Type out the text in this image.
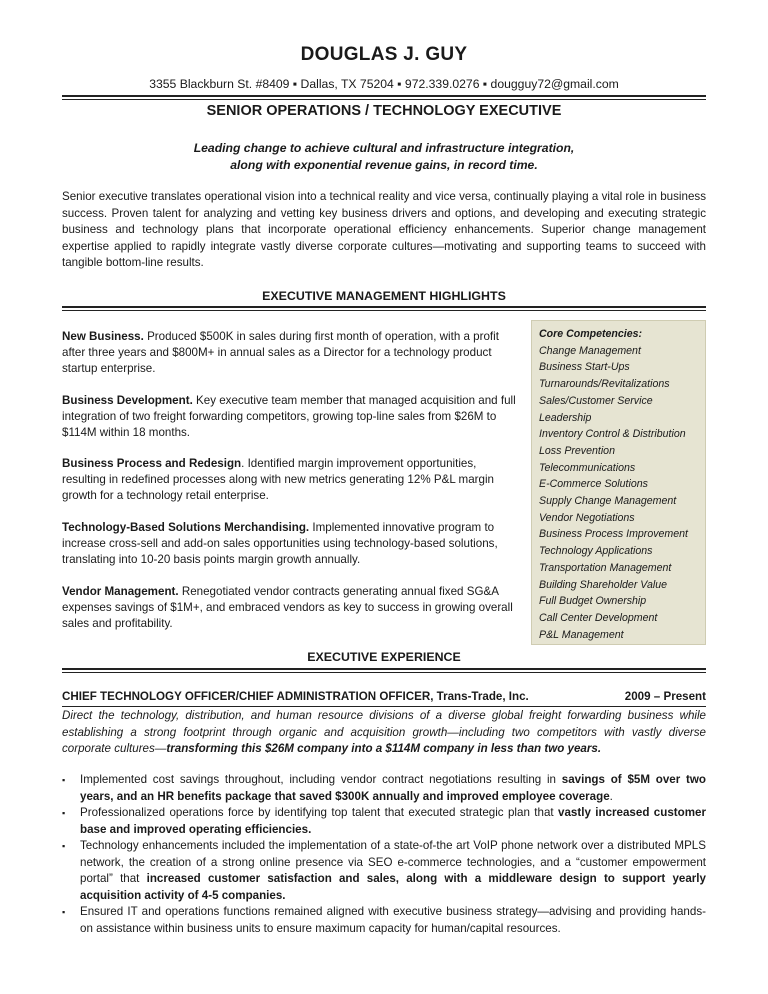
DOUGLAS J. GUY
3355 Blackburn St. #8409 ▪ Dallas, TX 75204 ▪ 972.339.0276 ▪ dougguy72@gmail.com
SENIOR OPERATIONS / TECHNOLOGY EXECUTIVE
Leading change to achieve cultural and infrastructure integration,
along with exponential revenue gains, in record time.
Senior executive translates operational vision into a technical reality and vice versa, continually playing a vital role in business success. Proven talent for analyzing and vetting key business drivers and options, and developing and executing strategic business and technology plans that incorporate operational efficiency enhancements. Superior change management expertise applied to rapidly integrate vastly diverse corporate cultures—motivating and supporting teams to succeed with tangible bottom-line results.
EXECUTIVE MANAGEMENT HIGHLIGHTS
New Business. Produced $500K in sales during first month of operation, with a profit after three years and $800M+ in annual sales as a Director for a technology product startup enterprise.
Business Development. Key executive team member that managed acquisition and full integration of two freight forwarding competitors, growing top-line sales from $26M to $114M within 18 months.
Business Process and Redesign. Identified margin improvement opportunities, resulting in redefined processes along with new metrics generating 12% P&L margin growth for a technology retail enterprise.
Technology-Based Solutions Merchandising. Implemented innovative program to increase cross-sell and add-on sales opportunities using technology-based solutions, translating into 10-20 basis points margin growth annually.
Vendor Management. Renegotiated vendor contracts generating annual fixed SG&A expenses savings of $1M+, and embraced vendors as key to success in growing overall sales and profitability.
Core Competencies:
Change Management
Business Start-Ups
Turnarounds/Revitalizations
Sales/Customer Service
Leadership
Inventory Control & Distribution
Loss Prevention
Telecommunications
E-Commerce Solutions
Supply Change Management
Vendor Negotiations
Business Process Improvement
Technology Applications
Transportation Management
Building Shareholder Value
Full Budget Ownership
Call Center Development
P&L Management
EXECUTIVE EXPERIENCE
CHIEF TECHNOLOGY OFFICER/CHIEF ADMINISTRATION OFFICER, Trans-Trade, Inc.	2009 – Present
Direct the technology, distribution, and human resource divisions of a diverse global freight forwarding business while establishing a strong footprint through organic and acquisition growth—including two competitors with vastly diverse corporate cultures—transforming this $26M company into a $114M company in less than two years.
▪ Implemented cost savings throughout, including vendor contract negotiations resulting in savings of $5M over two years, and an HR benefits package that saved $300K annually and improved employee coverage.
▪ Professionalized operations force by identifying top talent that executed strategic plan that vastly increased customer base and improved operating efficiencies.
▪ Technology enhancements included the implementation of a state-of-the art VoIP phone network over a distributed MPLS network, the creation of a strong online presence via SEO e-commerce technologies, and a “customer empowerment portal” that increased customer satisfaction and sales, along with a middleware design to support yearly acquisition activity of 4-5 companies.
▪ Ensured IT and operations functions remained aligned with executive business strategy—advising and providing hands-on assistance within business units to ensure maximum capacity for human/capital resources.
